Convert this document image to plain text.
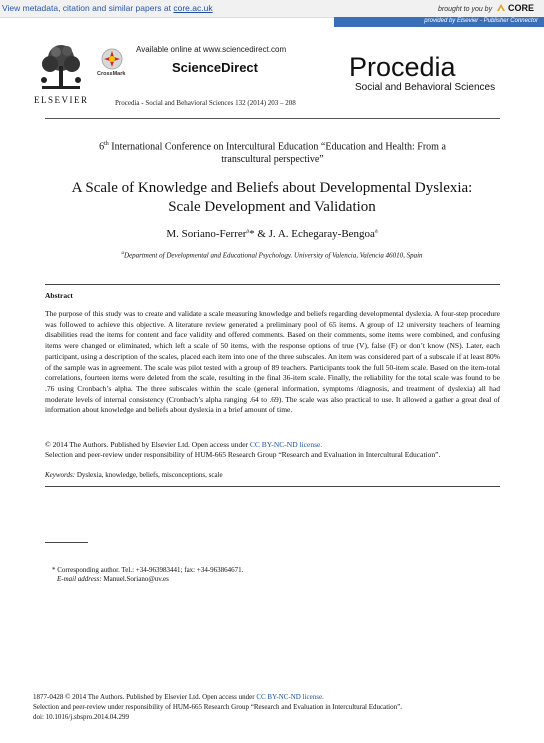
View metadata, citation and similar papers at core.ac.uk	brought to you by CORE
provided by Elsevier - Publisher Connector
ELSEVIER
Available online at www.sciencedirect.com
CrossMark	ScienceDirect
Procedia - Social and Behavioral Sciences 132 (2014) 203 – 208
Procedia
Social and Behavioral Sciences
6th International Conference on Intercultural Education “Education and Health: From a
transcultural perspective”
A Scale of Knowledge and Beliefs about Developmental Dyslexia:
Scale Development and Validation
M. Soriano-Ferrer$^a$* & J. A. Echegaray-Bengoa$^a$
$^a$Department of Developmental and Educational Psychology. University of Valencia, Valencia 46010, Spain
Abstract
The purpose of this study was to create and validate a scale measuring knowledge and beliefs regarding developmental dyslexia. A four-step procedure was followed to achieve this objective. A literature review generated a preliminary pool of 65 items. A group of 12 university teachers of learning disabilities read the items for content and face validity and offered comments. Based on their comments, some items were combined, and confusing items were changed or eliminated, which left a scale of 50 items, with the response options of true (V), false (F) or don’t know (NS). Later, each participant, using a description of the scales, placed each item into one of the three subscales. An item was considered part of a subscale if at least 80% of the sample was in agreement. The scale was pilot tested with a group of 89 teachers. Participants took the full 50-item scale. Based on the item-total correlations, fourteen items were deleted from the scale, resulting in the final 36-item scale. Finally, the reliability for the total scale was found to be .76 using Cronbach’s alpha. The three subscales within the scale (general information, symptoms /diagnosis, and treatment of dyslexia) all had moderate levels of internal consistency (Cronbach’s alpha ranging .64 to .69). The scale was also practical to use. It allowed a gather a great deal of information about knowledge and beliefs about dyslexia in a brief amount of time.
© 2014 The Authors. Published by Elsevier Ltd. Open access under CC BY-NC-ND license.
Selection and peer-review under responsibility of HUM-665 Research Group “Research and Evaluation in Intercultural Education”.
Keywords: Dyslexia, knowledge, beliefs, misconceptions, scale
* Corresponding author. Tel.: +34-963983441; fax: +34-963864671.
E-mail address: Manuel.Soriano@uv.es
1877-0428 © 2014 The Authors. Published by Elsevier Ltd. Open access under CC BY-NC-ND license.
Selection and peer-review under responsibility of HUM-665 Research Group “Research and Evaluation in Intercultural Education”.
doi: 10.1016/j.sbspro.2014.04.299
